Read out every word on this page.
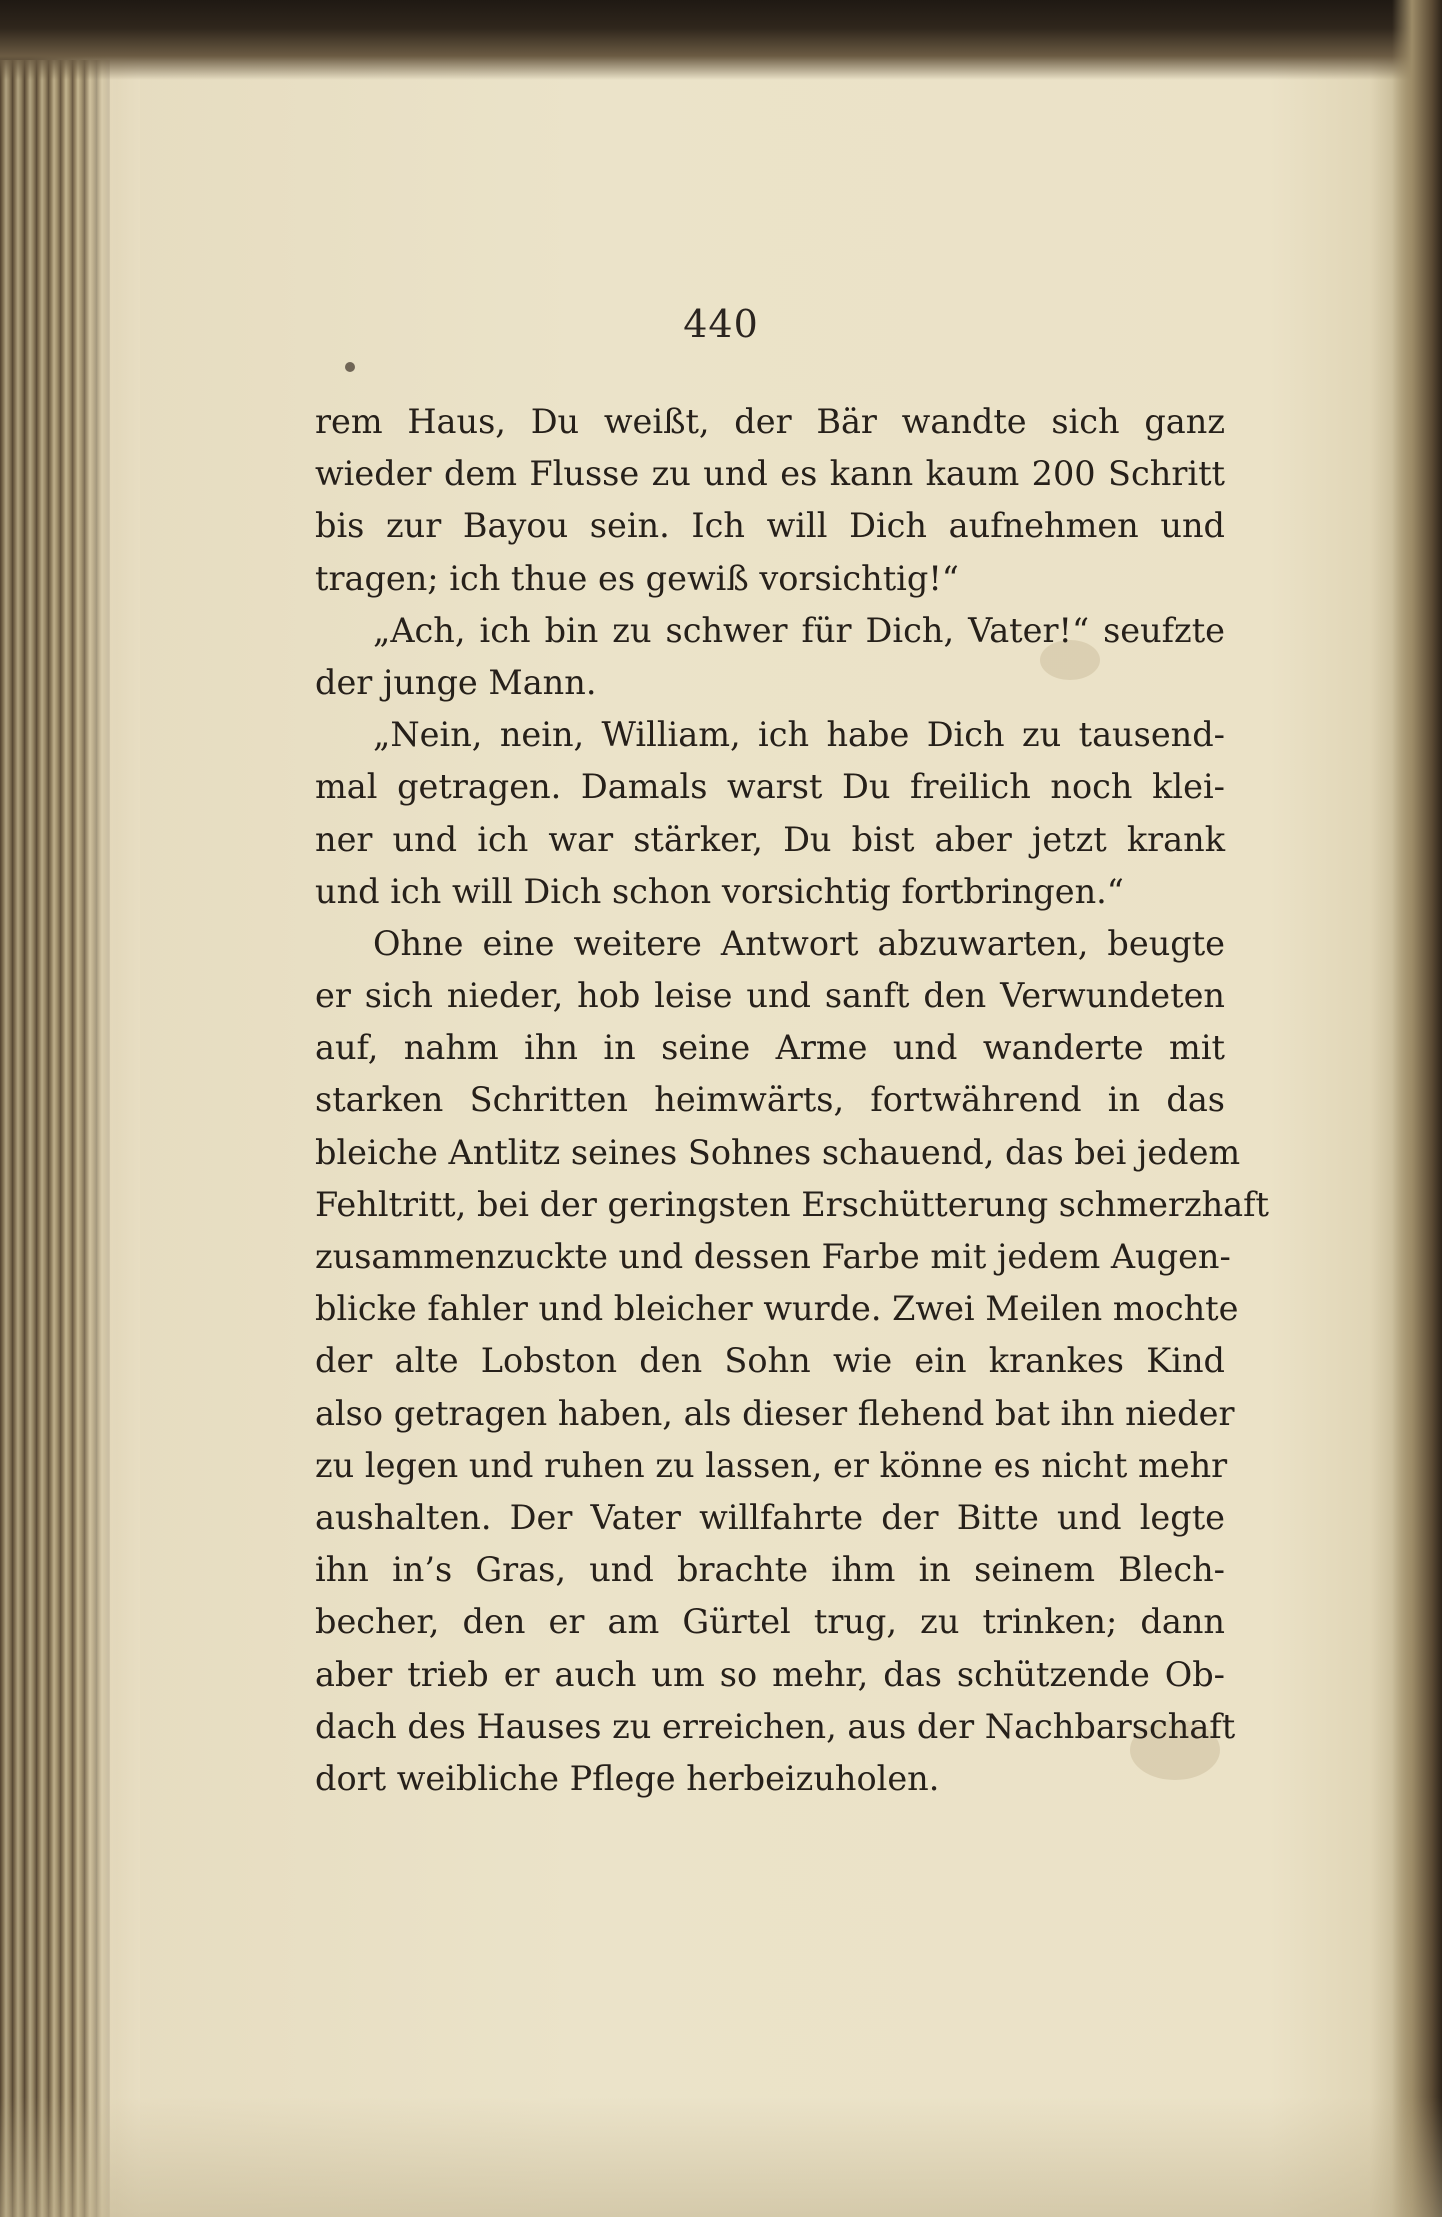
440
rem Haus, Du weißt, der Bär wandte sich ganz
wieder dem Flusse zu und es kann kaum 200 Schritt
bis zur Bayou sein. Ich will Dich aufnehmen und
tragen; ich thue es gewiß vorsichtig!“
„Ach, ich bin zu schwer für Dich, Vater!“ seufzte
der junge Mann.
„Nein, nein, William, ich habe Dich zu tausend-
mal getragen. Damals warst Du freilich noch klei-
ner und ich war stärker, Du bist aber jetzt krank
und ich will Dich schon vorsichtig fortbringen.“
Ohne eine weitere Antwort abzuwarten, beugte
er sich nieder, hob leise und sanft den Verwundeten
auf, nahm ihn in seine Arme und wanderte mit
starken Schritten heimwärts, fortwährend in das
bleiche Antlitz seines Sohnes schauend, das bei jedem
Fehltritt, bei der geringsten Erschütterung schmerzhaft
zusammenzuckte und dessen Farbe mit jedem Augen-
blicke fahler und bleicher wurde. Zwei Meilen mochte
der alte Lobston den Sohn wie ein krankes Kind
also getragen haben, als dieser flehend bat ihn nieder
zu legen und ruhen zu lassen, er könne es nicht mehr
aushalten. Der Vater willfahrte der Bitte und legte
ihn in’s Gras, und brachte ihm in seinem Blech-
becher, den er am Gürtel trug, zu trinken; dann
aber trieb er auch um so mehr, das schützende Ob-
dach des Hauses zu erreichen, aus der Nachbarschaft
dort weibliche Pflege herbeizuholen.
